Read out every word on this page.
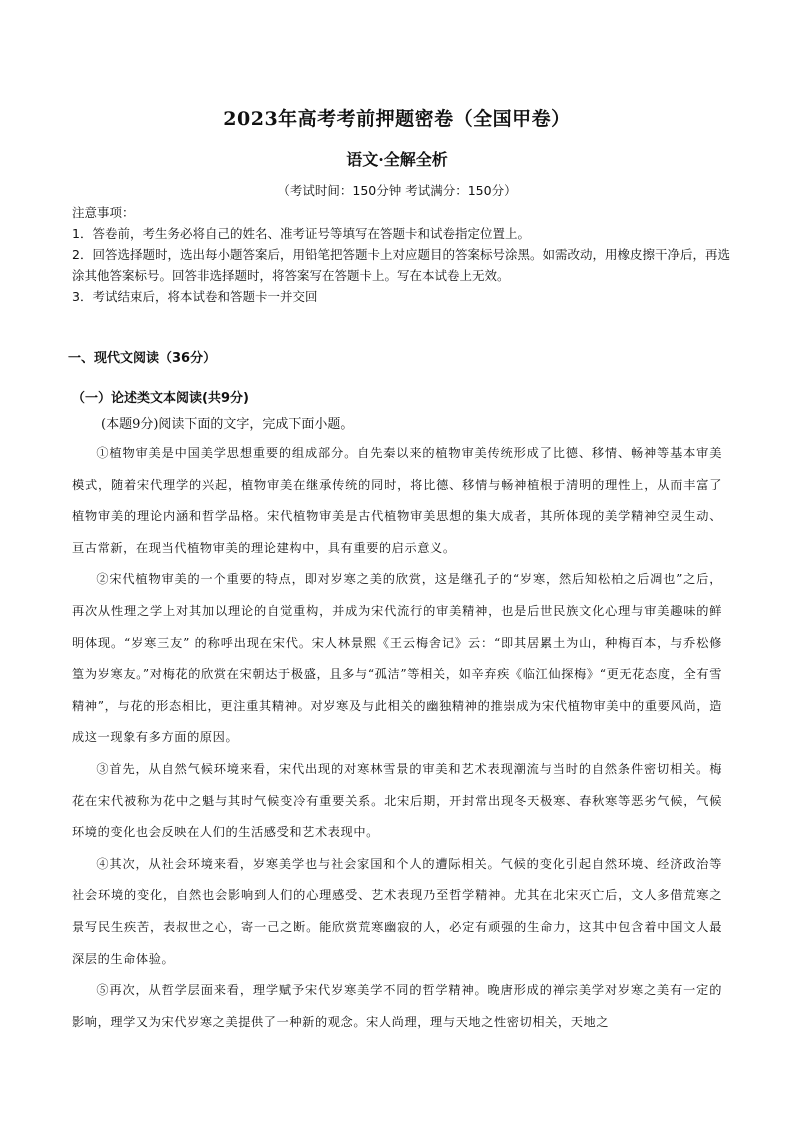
2023年高考考前押题密卷（全国甲卷）
语文·全解全析
（考试时间：150分钟 考试满分：150分）

注意事项：

1．答卷前，考生务必将自己的姓名、准考证号等填写在答题卡和试卷指定位置上。

2．回答选择题时，选出每小题答案后，用铅笔把答题卡上对应题目的答案标号涂黑。如需改动，用橡皮擦干净后，再选涂其他答案标号。回答非选择题时，将答案写在答题卡上。写在本试卷上无效。

3．考试结束后，将本试卷和答题卡一并交回

一、现代文阅读（36分）
（一）论述类文本阅读(共9分)
(本题9分)阅读下面的文字，完成下面小题。

①植物审美是中国美学思想重要的组成部分。自先秦以来的植物审美传统形成了比德、移情、畅神等基本审美模式，随着宋代理学的兴起，植物审美在继承传统的同时，将比德、移情与畅神植根于清明的理性上，从而丰富了植物审美的理论内涵和哲学品格。宋代植物审美是古代植物审美思想的集大成者，其所体现的美学精神空灵生动、亘古常新，在现当代植物审美的理论建构中，具有重要的启示意义。

②宋代植物审美的一个重要的特点，即对岁寒之美的欣赏，这是继孔子的“岁寒，然后知松柏之后凋也”之后，再次从性理之学上对其加以理论的自觉重构，并成为宋代流行的审美精神，也是后世民族文化心理与审美趣味的鲜明体现。“岁寒三友” 的称呼出现在宋代。宋人林景熙《王云梅舍记》云：“即其居累土为山，种梅百本，与乔松修篁为岁寒友。”对梅花的欣赏在宋朝达于极盛，且多与“孤洁”等相关，如辛弃疾《临江仙探梅》“更无花态度，全有雪精神”，与花的形态相比，更注重其精神。对岁寒及与此相关的幽独精神的推崇成为宋代植物审美中的重要风尚，造成这一现象有多方面的原因。

③首先，从自然气候环境来看，宋代出现的对寒林雪景的审美和艺术表现潮流与当时的自然条件密切相关。梅花在宋代被称为花中之魁与其时气候变冷有重要关系。北宋后期，开封常出现冬天极寒、春秋寒等恶劣气候，气候环境的变化也会反映在人们的生活感受和艺术表现中。

④其次，从社会环境来看，岁寒美学也与社会家国和个人的遭际相关。气候的变化引起自然环境、经济政治等社会环境的变化，自然也会影响到人们的心理感受、艺术表现乃至哲学精神。尤其在北宋灭亡后，文人多借荒寒之景写民生疾苦，表叔世之心，寄一己之断。能欣赏荒寒幽寂的人，必定有顽强的生命力，这其中包含着中国文人最深层的生命体验。

⑤再次，从哲学层面来看，理学赋予宋代岁寒美学不同的哲学精神。晚唐形成的禅宗美学对岁寒之美有一定的影响，理学又为宋代岁寒之美提供了一种新的观念。宋人尚理，理与天地之性密切相关，天地之
